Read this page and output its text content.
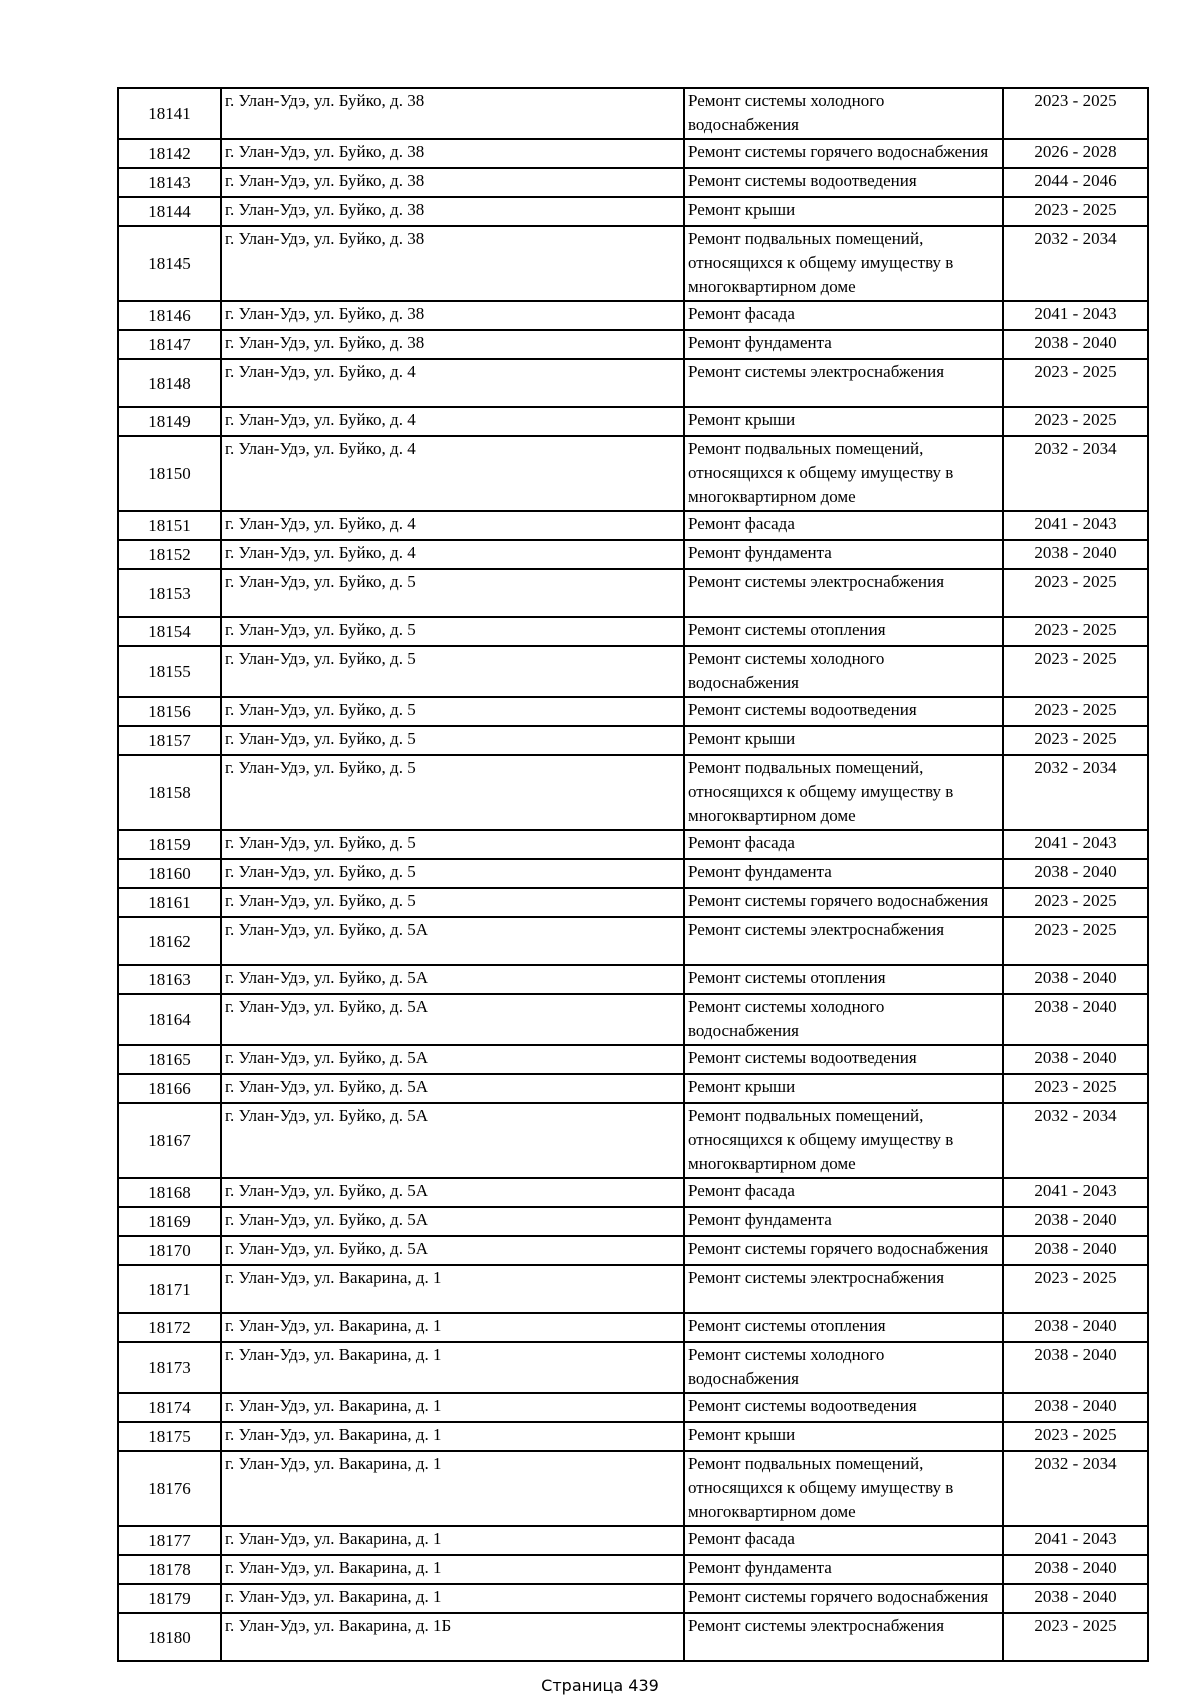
18141	г. Улан-Удэ, ул. Буйко, д. 38	Ремонт системы холодного водоснабжения	2023 - 2025
18142	г. Улан-Удэ, ул. Буйко, д. 38	Ремонт системы горячего водоснабжения	2026 - 2028
18143	г. Улан-Удэ, ул. Буйко, д. 38	Ремонт системы водоотведения	2044 - 2046
18144	г. Улан-Удэ, ул. Буйко, д. 38	Ремонт крыши	2023 - 2025
18145	г. Улан-Удэ, ул. Буйко, д. 38	Ремонт подвальных помещений, относящихся к общему имуществу в многоквартирном доме	2032 - 2034
18146	г. Улан-Удэ, ул. Буйко, д. 38	Ремонт фасада	2041 - 2043
18147	г. Улан-Удэ, ул. Буйко, д. 38	Ремонт фундамента	2038 - 2040
18148	г. Улан-Удэ, ул. Буйко, д. 4	Ремонт системы электроснабжения	2023 - 2025
18149	г. Улан-Удэ, ул. Буйко, д. 4	Ремонт крыши	2023 - 2025
18150	г. Улан-Удэ, ул. Буйко, д. 4	Ремонт подвальных помещений, относящихся к общему имуществу в многоквартирном доме	2032 - 2034
18151	г. Улан-Удэ, ул. Буйко, д. 4	Ремонт фасада	2041 - 2043
18152	г. Улан-Удэ, ул. Буйко, д. 4	Ремонт фундамента	2038 - 2040
18153	г. Улан-Удэ, ул. Буйко, д. 5	Ремонт системы электроснабжения	2023 - 2025
18154	г. Улан-Удэ, ул. Буйко, д. 5	Ремонт системы отопления	2023 - 2025
18155	г. Улан-Удэ, ул. Буйко, д. 5	Ремонт системы холодного водоснабжения	2023 - 2025
18156	г. Улан-Удэ, ул. Буйко, д. 5	Ремонт системы водоотведения	2023 - 2025
18157	г. Улан-Удэ, ул. Буйко, д. 5	Ремонт крыши	2023 - 2025
18158	г. Улан-Удэ, ул. Буйко, д. 5	Ремонт подвальных помещений, относящихся к общему имуществу в многоквартирном доме	2032 - 2034
18159	г. Улан-Удэ, ул. Буйко, д. 5	Ремонт фасада	2041 - 2043
18160	г. Улан-Удэ, ул. Буйко, д. 5	Ремонт фундамента	2038 - 2040
18161	г. Улан-Удэ, ул. Буйко, д. 5	Ремонт системы горячего водоснабжения	2023 - 2025
18162	г. Улан-Удэ, ул. Буйко, д. 5А	Ремонт системы электроснабжения	2023 - 2025
18163	г. Улан-Удэ, ул. Буйко, д. 5А	Ремонт системы отопления	2038 - 2040
18164	г. Улан-Удэ, ул. Буйко, д. 5А	Ремонт системы холодного водоснабжения	2038 - 2040
18165	г. Улан-Удэ, ул. Буйко, д. 5А	Ремонт системы водоотведения	2038 - 2040
18166	г. Улан-Удэ, ул. Буйко, д. 5А	Ремонт крыши	2023 - 2025
18167	г. Улан-Удэ, ул. Буйко, д. 5А	Ремонт подвальных помещений, относящихся к общему имуществу в многоквартирном доме	2032 - 2034
18168	г. Улан-Удэ, ул. Буйко, д. 5А	Ремонт фасада	2041 - 2043
18169	г. Улан-Удэ, ул. Буйко, д. 5А	Ремонт фундамента	2038 - 2040
18170	г. Улан-Удэ, ул. Буйко, д. 5А	Ремонт системы горячего водоснабжения	2038 - 2040
18171	г. Улан-Удэ, ул. Вакарина, д. 1	Ремонт системы электроснабжения	2023 - 2025
18172	г. Улан-Удэ, ул. Вакарина, д. 1	Ремонт системы отопления	2038 - 2040
18173	г. Улан-Удэ, ул. Вакарина, д. 1	Ремонт системы холодного водоснабжения	2038 - 2040
18174	г. Улан-Удэ, ул. Вакарина, д. 1	Ремонт системы водоотведения	2038 - 2040
18175	г. Улан-Удэ, ул. Вакарина, д. 1	Ремонт крыши	2023 - 2025
18176	г. Улан-Удэ, ул. Вакарина, д. 1	Ремонт подвальных помещений, относящихся к общему имуществу в многоквартирном доме	2032 - 2034
18177	г. Улан-Удэ, ул. Вакарина, д. 1	Ремонт фасада	2041 - 2043
18178	г. Улан-Удэ, ул. Вакарина, д. 1	Ремонт фундамента	2038 - 2040
18179	г. Улан-Удэ, ул. Вакарина, д. 1	Ремонт системы горячего водоснабжения	2038 - 2040
18180	г. Улан-Удэ, ул. Вакарина, д. 1Б	Ремонт системы электроснабжения	2023 - 2025
Страница 439
